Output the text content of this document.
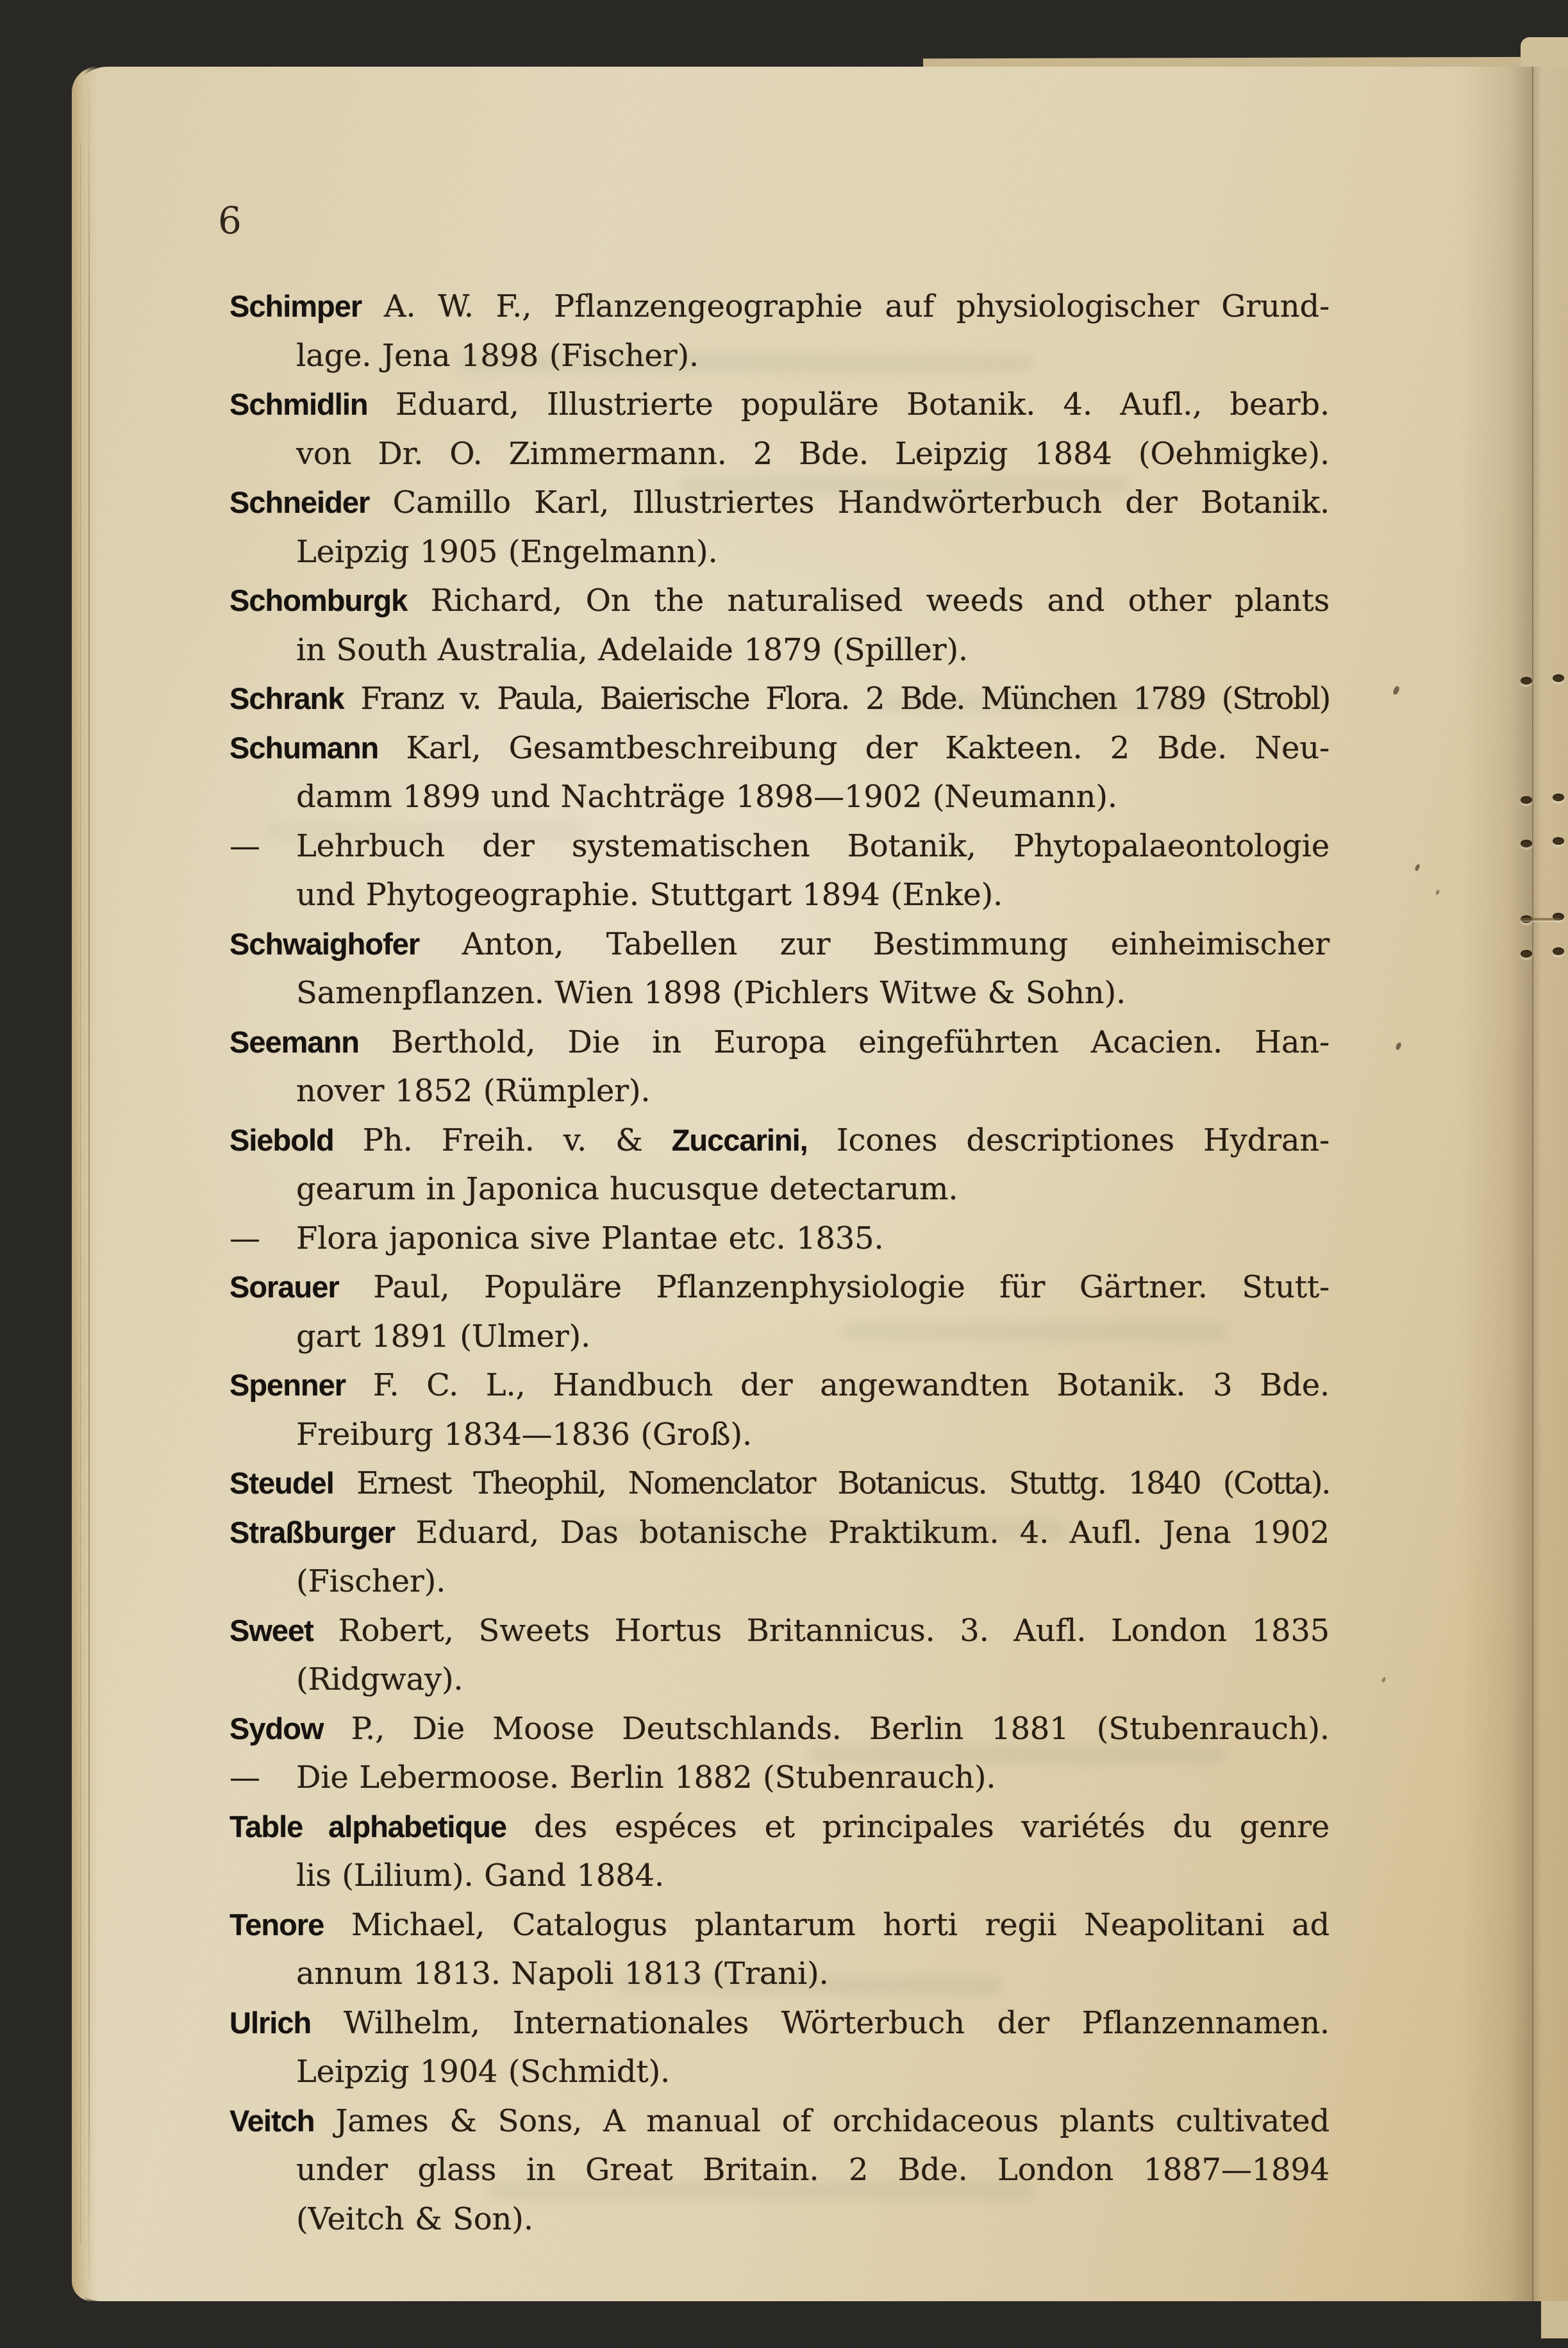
6
Schimper A. W. F., Pflanzengeographie auf physiologischer Grund-
lage. Jena 1898 (Fischer).
Schmidlin Eduard, Illustrierte populäre Botanik. 4. Aufl., bearb.
von Dr. O. Zimmermann. 2 Bde. Leipzig 1884 (Oehmigke).
Schneider Camillo Karl, Illustriertes Handwörterbuch der Botanik.
Leipzig 1905 (Engelmann).
Schomburgk Richard, On the naturalised weeds and other plants
in South Australia, Adelaide 1879 (Spiller).
Schrank Franz v. Paula, Baierische Flora. 2 Bde. München 1789 (Strobl)
Schumann Karl, Gesamtbeschreibung der Kakteen. 2 Bde. Neu-
damm 1899 und Nachträge 1898—1902 (Neumann).
— Lehrbuch der systematischen Botanik, Phytopalaeontologie
und Phytogeographie. Stuttgart 1894 (Enke).
Schwaighofer Anton, Tabellen zur Bestimmung einheimischer
Samenpflanzen. Wien 1898 (Pichlers Witwe & Sohn).
Seemann Berthold, Die in Europa eingeführten Acacien. Han-
nover 1852 (Rümpler).
Siebold Ph. Freih. v. & Zuccarini, Icones descriptiones Hydran-
gearum in Japonica hucusque detectarum.
— Flora japonica sive Plantae etc. 1835.
Sorauer Paul, Populäre Pflanzenphysiologie für Gärtner. Stutt-
gart 1891 (Ulmer).
Spenner F. C. L., Handbuch der angewandten Botanik. 3 Bde.
Freiburg 1834—1836 (Groß).
Steudel Ernest Theophil, Nomenclator Botanicus. Stuttg. 1840 (Cotta).
Straßburger Eduard, Das botanische Praktikum. 4. Aufl. Jena 1902
(Fischer).
Sweet Robert, Sweets Hortus Britannicus. 3. Aufl. London 1835
(Ridgway).
Sydow P., Die Moose Deutschlands. Berlin 1881 (Stubenrauch).
— Die Lebermoose. Berlin 1882 (Stubenrauch).
Table alphabetique des espéces et principales variétés du genre
lis (Lilium). Gand 1884.
Tenore Michael, Catalogus plantarum horti regii Neapolitani ad
annum 1813. Napoli 1813 (Trani).
Ulrich Wilhelm, Internationales Wörterbuch der Pflanzennamen.
Leipzig 1904 (Schmidt).
Veitch James & Sons, A manual of orchidaceous plants cultivated
under glass in Great Britain. 2 Bde. London 1887—1894
(Veitch & Son).
